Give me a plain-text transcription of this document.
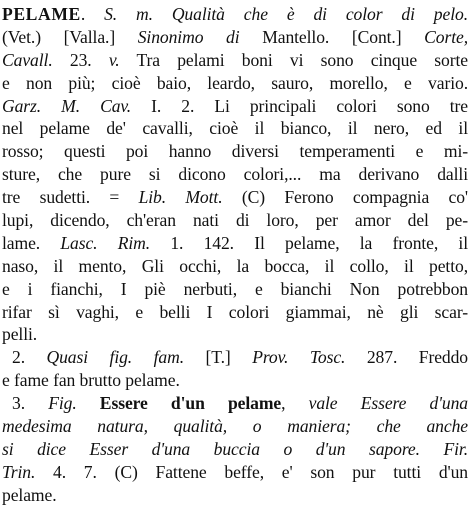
PELAME. S. m. Qualità che è di color di pelo.
(Vet.) [Valla.] Sinonimo di Mantello. [Cont.] Corte,
Cavall. 23. v. Tra pelami boni vi sono cinque sorte
e non più; cioè baio, leardo, sauro, morello, e vario.
Garz. M. Cav. I. 2. Li principali colori sono tre
nel pelame de' cavalli, cioè il bianco, il nero, ed il
rosso; questi poi hanno diversi temperamenti e mi-
sture, che pure si dicono colori,... ma derivano dalli
tre sudetti. = Lib. Mott. (C) Ferono compagnia co'
lupi, dicendo, ch'eran nati di loro, per amor del pe-
lame. Lasc. Rim. 1. 142. Il pelame, la fronte, il
naso, il mento, Gli occhi, la bocca, il collo, il petto,
e i fianchi, I piè nerbuti, e bianchi Non potrebbon
rifar sì vaghi, e belli I colori giammai, nè gli scar-
pelli.
2. Quasi fig. fam. [T.] Prov. Tosc. 287. Freddo
e fame fan brutto pelame.
3. Fig. Essere d'un pelame, vale Essere d'una
medesima natura, qualità, o maniera; che anche
si dice Esser d'una buccia o d'un sapore. Fir.
Trin. 4. 7. (C) Fattene beffe, e' son pur tutti d'un
pelame.
